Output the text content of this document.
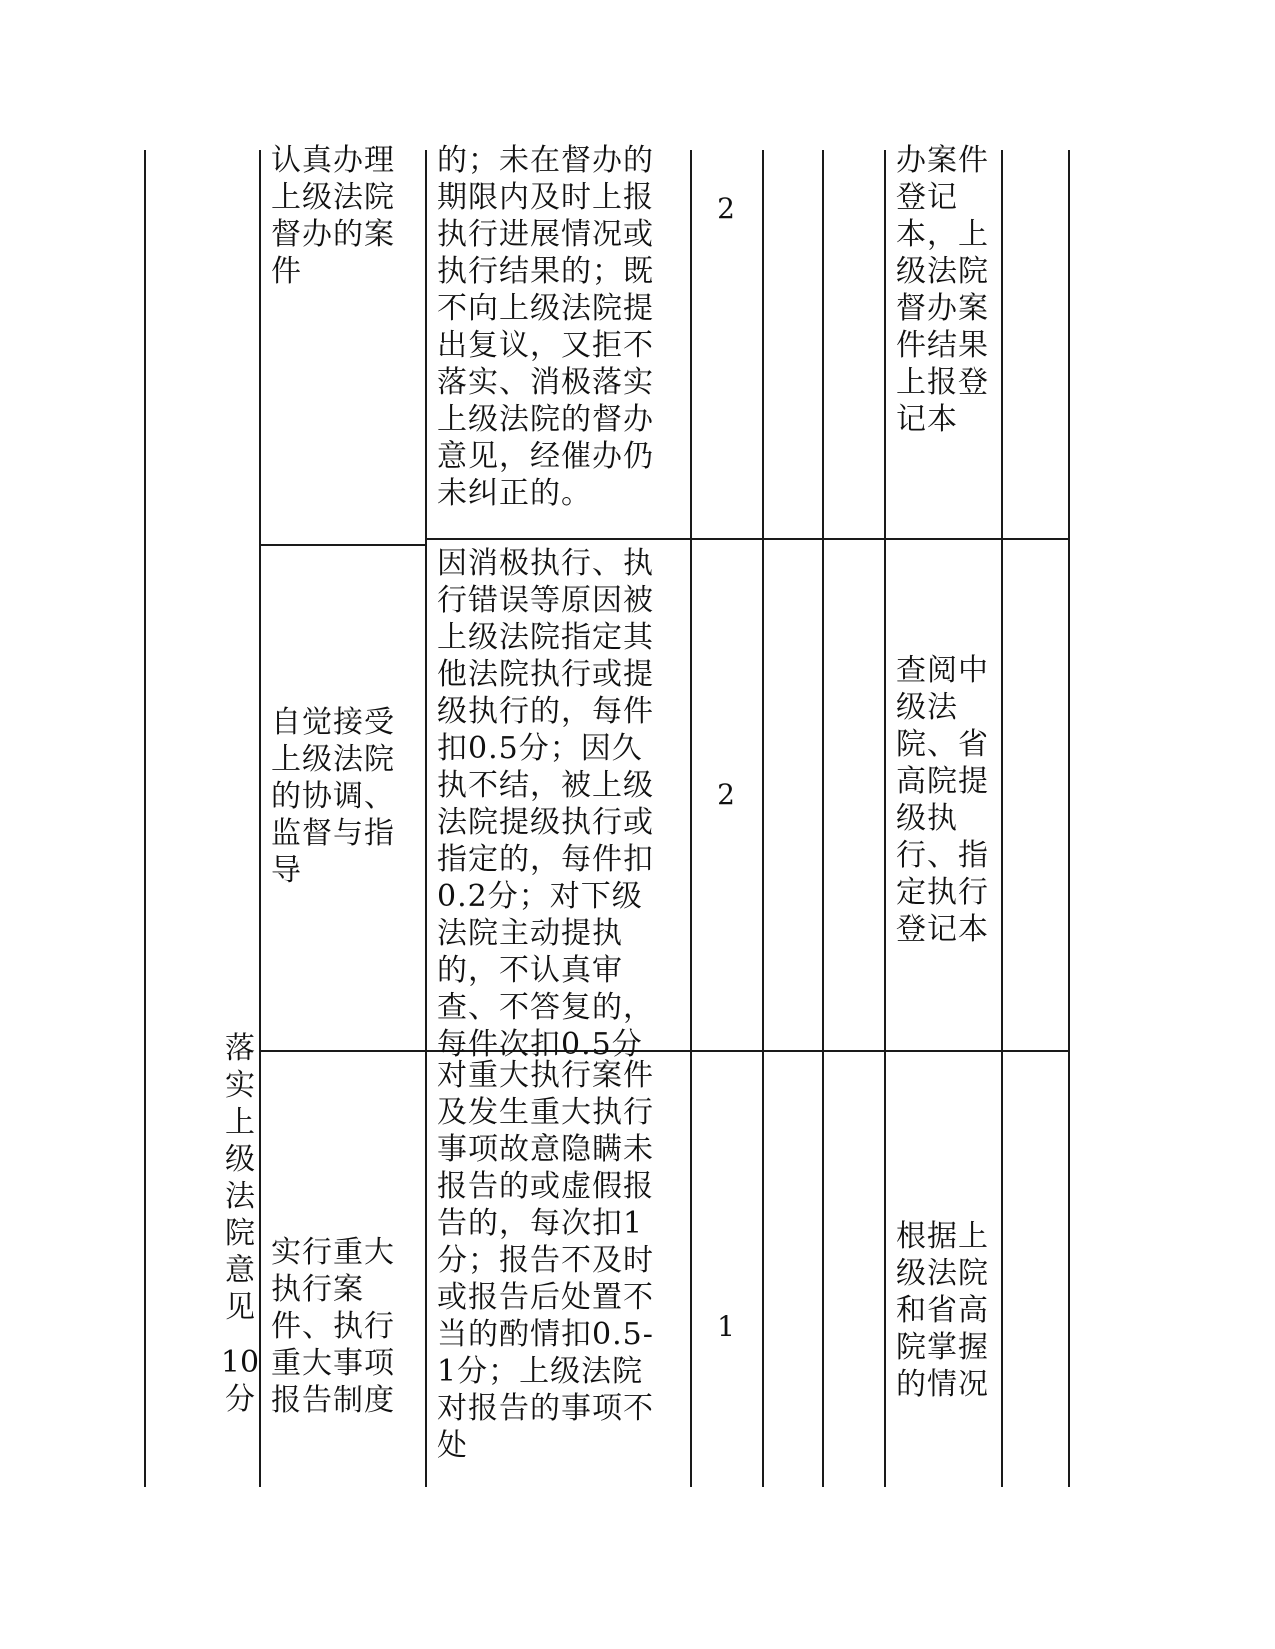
落
实
上
级
法
院
意
见
10
分
认真办理上级法院督办的案件
的；未在督办的期限内及时上报执行进展情况或执行结果的；既不向上级法院提出复议，又拒不落实、消极落实上级法院的督办意见，经催办仍未纠正的。
2
办案件登记本，上级法院督办案件结果上报登记本
自觉接受上级法院的协调、监督与指导
因消极执行、执行错误等原因被上级法院指定其他法院执行或提级执行的，每件扣0.5分；因久执不结，被上级法院提级执行或指定的，每件扣0.2分；对下级法院主动提执的，不认真审查、不答复的，每件次扣0.5分
2
查阅中级法院、省高院提级执行、指定执行登记本
实行重大执行案件、执行重大事项报告制度
对重大执行案件及发生重大执行事项故意隐瞒未报告的或虚假报告的，每次扣1分；报告不及时或报告后处置不当的酌情扣0.5-1分；上级法院对报告的事项不处
1
根据上级法院和省高院掌握的情况
